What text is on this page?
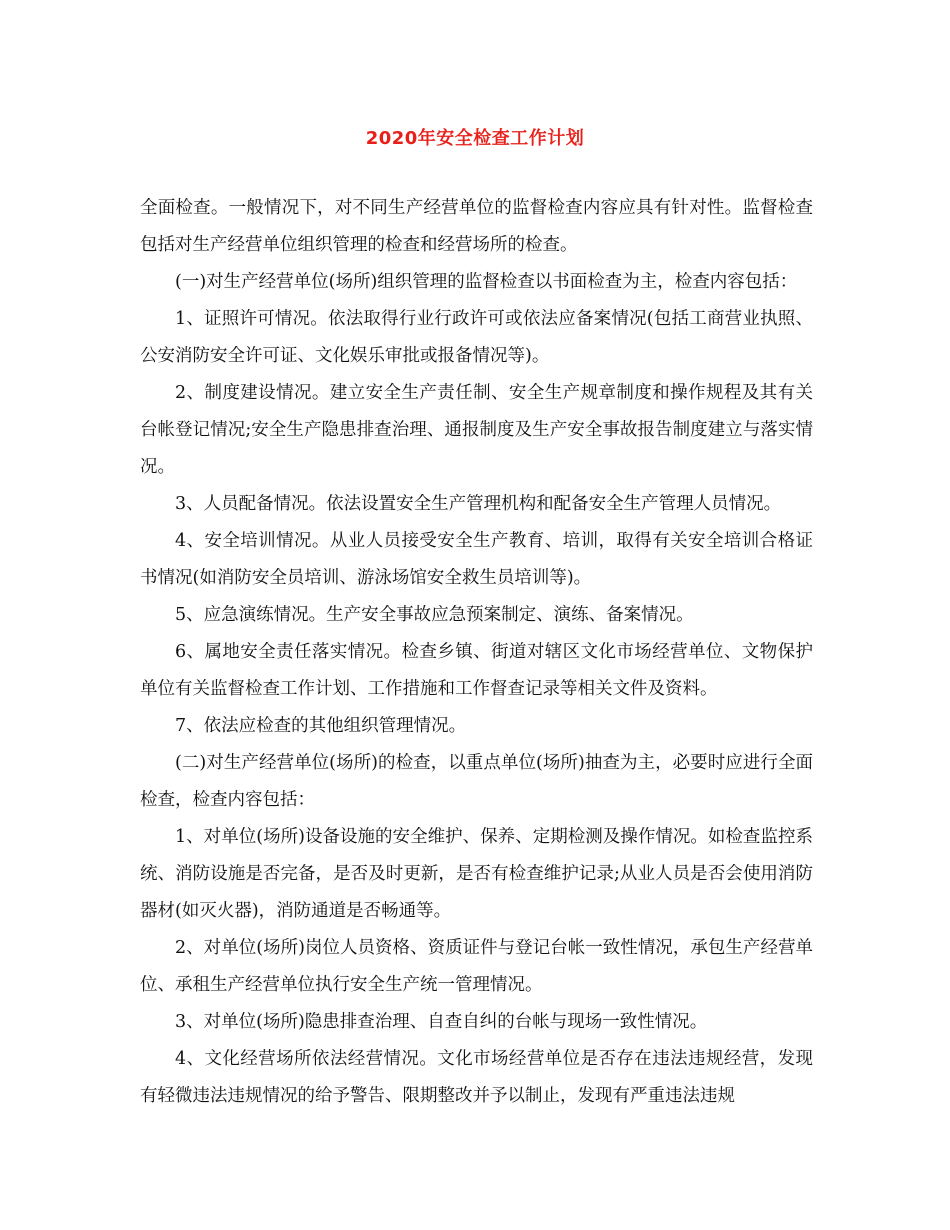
2020年安全检查工作计划

全面检查。一般情况下，对不同生产经营单位的监督检查内容应具有针对性。监督检查包括对生产经营单位组织管理的检查和经营场所的检查。

(一)对生产经营单位(场所)组织管理的监督检查以书面检查为主，检查内容包括：

1、证照许可情况。依法取得行业行政许可或依法应备案情况(包括工商营业执照、公安消防安全许可证、文化娱乐审批或报备情况等)。

2、制度建设情况。建立安全生产责任制、安全生产规章制度和操作规程及其有关台帐登记情况;安全生产隐患排查治理、通报制度及生产安全事故报告制度建立与落实情况。

3、人员配备情况。依法设置安全生产管理机构和配备安全生产管理人员情况。

4、安全培训情况。从业人员接受安全生产教育、培训，取得有关安全培训合格证书情况(如消防安全员培训、游泳场馆安全救生员培训等)。

5、应急演练情况。生产安全事故应急预案制定、演练、备案情况。

6、属地安全责任落实情况。检查乡镇、街道对辖区文化市场经营单位、文物保护单位有关监督检查工作计划、工作措施和工作督查记录等相关文件及资料。

7、依法应检查的其他组织管理情况。

(二)对生产经营单位(场所)的检查，以重点单位(场所)抽查为主，必要时应进行全面检查，检查内容包括：

1、对单位(场所)设备设施的安全维护、保养、定期检测及操作情况。如检查监控系统、消防设施是否完备，是否及时更新，是否有检查维护记录;从业人员是否会使用消防器材(如灭火器)，消防通道是否畅通等。

2、对单位(场所)岗位人员资格、资质证件与登记台帐一致性情况，承包生产经营单位、承租生产经营单位执行安全生产统一管理情况。

3、对单位(场所)隐患排查治理、自查自纠的台帐与现场一致性情况。

4、文化经营场所依法经营情况。文化市场经营单位是否存在违法违规经营，发现有轻微违法违规情况的给予警告、限期整改并予以制止，发现有严重违法违规
